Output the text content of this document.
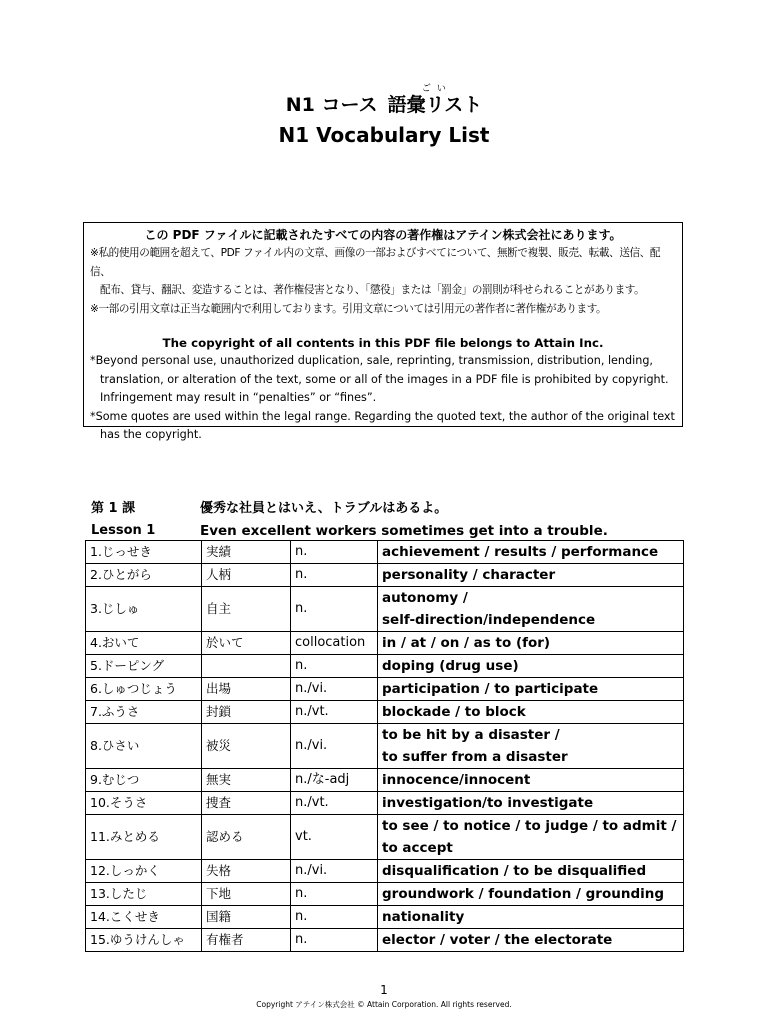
N1 コース
ごい
語彙リスト
N1 Vocabulary List
この PDF ファイルに記載されたすべての内容の著作権はアテイン株式会社にあります。
※私的使用の範囲を超えて、PDF ファイル内の文章、画像の一部およびすべてについて、無断で複製、販売、転載、送信、配信、
配布、貸与、翻訳、変造することは、著作権侵害となり、「懲役」または「罰金」の罰則が科せられることがあります。
※一部の引用文章は正当な範囲内で利用しております。引用文章については引用元の著作者に著作権があります。
The copyright of all contents in this PDF file belongs to Attain Inc.
*Beyond personal use, unauthorized duplication, sale, reprinting, transmission, distribution, lending,
translation, or alteration of the text, some or all of the images in a PDF file is prohibited by copyright.
Infringement may result in “penalties” or “fines”.
*Some quotes are used within the legal range. Regarding the quoted text, the author of the original text
has the copyright.
第 1 課	優秀な社員とはいえ、トラブルはあるよ。
Lesson 1	Even excellent workers sometimes get into a trouble.
1.じっせき	実績	n.	achievement / results / performance
2.ひとがら	人柄	n.	personality / character
3.じしゅ	自主	n.	autonomy /
self-direction/independence

4.おいて	於いて	collocation	in / at / on / as to (for)
5.ドーピング		n.	doping (drug use)
6.しゅつじょう	出場	n./vi.	participation / to participate
7.ふうさ	封鎖	n./vt.	blockade / to block
8.ひさい	被災	n./vi.	to be hit by a disaster /
to suffer from a disaster

9.むじつ	無実	n./な-adj	innocence/innocent
10.そうさ	捜査	n./vt.	investigation/to investigate
11.みとめる	認める	vt.	to see / to notice / to judge / to admit /
to accept

12.しっかく	失格	n./vi.	disqualification / to be disqualified
13.したじ	下地	n.	groundwork / foundation / grounding
14.こくせき	国籍	n.	nationality
15.ゆうけんしゃ	有権者	n.	elector / voter / the electorate
1
Copyright アテイン株式会社 © Attain Corporation. All rights reserved.
